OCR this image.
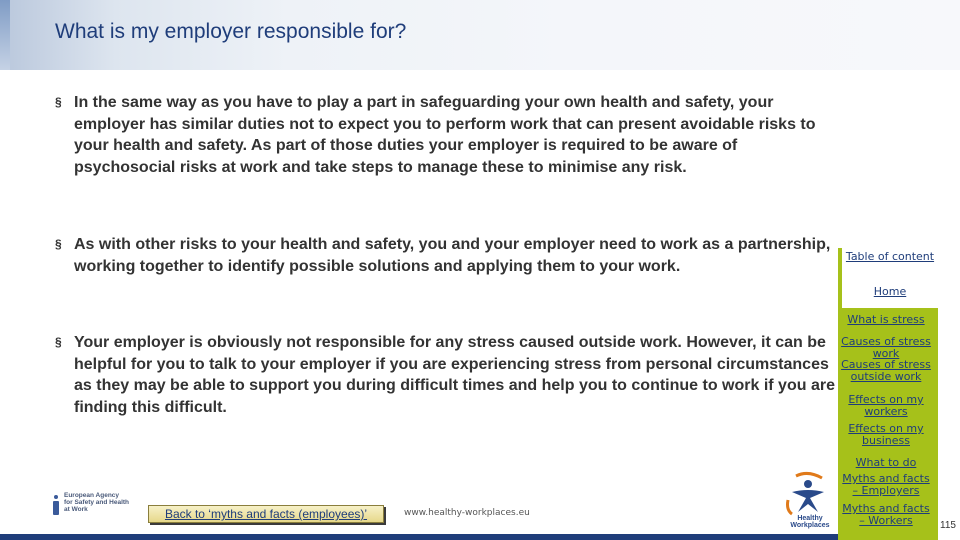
What is my employer responsible for?
§ In the same way as you have to play a part in safeguarding your own health and safety, your employer has similar duties not to expect you to perform work that can present avoidable risks to your health and safety. As part of those duties your employer is required to be aware of psychosocial risks at work and take steps to manage these to minimise any risk.
§ As with other risks to your health and safety, you and your employer need to work as a partnership, working together to identify possible solutions and applying them to your work.
§ Your employer is obviously not responsible for any stress caused outside work. However, it can be helpful for you to talk to your employer if you are experiencing stress from personal circumstances as they may be able to support you during difficult times and help you to continue to work if you are finding this difficult.
What is stress
Causes of stress work
Causes of stress outside work
Effects on my workers
Effects on my business
What to do
Myths and facts – Employers
Myths and facts – Workers
Table of content
Home
European Agency
for Safety and Health
at Work	Back to ‘myths and facts (employees)’	www.healthy-workplaces.eu
Healthy Workplaces	115
